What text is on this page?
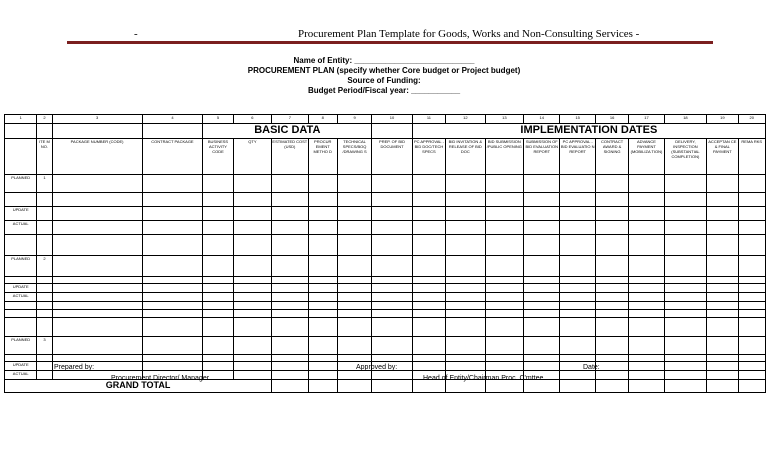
-	Procurement Plan Template for Goods, Works and Non-Consulting Services -
Name of Entity: ___________________________
PROCUREMENT PLAN (specify whether Core budget or Project budget)
Source of Funding:
Budget Period/Fiscal year: ___________
1	2	3	4	5	6	7	8	9	10	11	12	13	14	15	16	17	18	19	20
				BASIC DATA						IMPLEMENTATION DATES									
	ITE M NO.	PACKAGE NUMBER (CODE)	CONTRACT PACKAGE	BUSINESS ACTIVITY CODE	QTY	ESTIMATED COST (USD)	PROCUR EMENT METHO D	TECHNICAL SPECS/BOQ /DRAWING S	PREP. OF BID DOCUMENT	PC APPROVAL - BID DOC/TECH SPECS	BID INVITATION & RELEASE OF BID DOC	BID SUBMISSION /PUBLIC OPENING	SUBMISSION OF BID EVALUATION REPORT	PC APPROVAL - BID EVALUATIO N REPORT	CONTRACT AWARD & SIGNING	ADVANCE PAYMENT (MOBILIZA TION)	DELIVERY, INSPECTION (SUBSTANTIAL COMPLETION)	ACCEPTAN CE & FINAL PAYMENT	REMA RKS
PLANNED	1																		

UPDATE																			
ACTUAL																			

PLANNED	2																		

UPDATE																			
ACTUAL																			

PLANNED	3																		

UPDATE																			
ACTUAL																			
GRAND TOTAL																			
Prepared by: ___________________________________
Procurement Director/ Manager
Approved by: ____________________________________
Head of Entity/Chairman Proc. C'mttee
Date: _______________
